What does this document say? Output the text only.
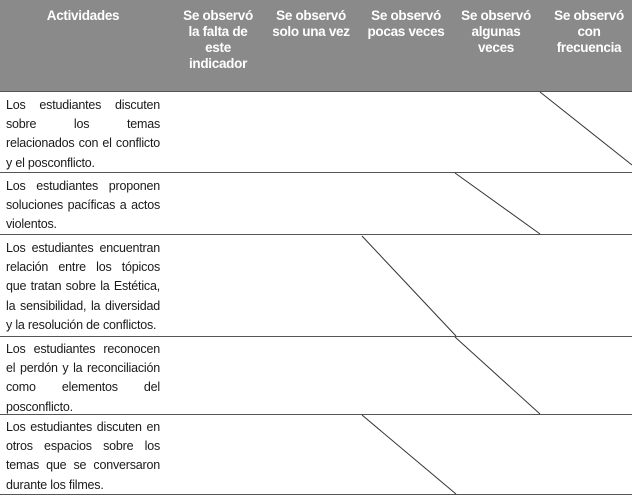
Actividades	Se observó la falta de este indicador
Se observó solo una vez
Se observó pocas veces
Se observó algunas veces
Se observó con frecuencia
Los estudiantes discuten sobre los temas relacionados con el conflicto y el posconflicto.
Los estudiantes proponen soluciones pacíficas a actos violentos.
Los estudiantes encuentran relación entre los tópicos que tratan sobre la Estética, la sensibilidad, la diversidad y la resolución de conflictos.
Los estudiantes reconocen el perdón y la reconciliación como elementos del posconflicto.
Los estudiantes discuten en otros espacios sobre los temas que se conversaron durante los filmes.
